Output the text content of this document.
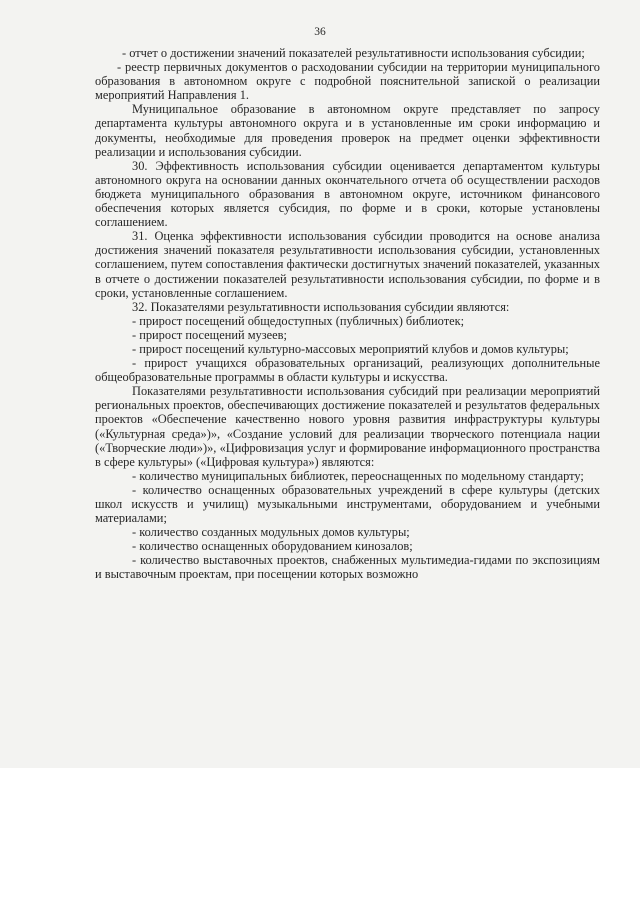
36

- отчет о достижении значений показателей результативности использования субсидии;

- реестр первичных документов о расходовании субсидии на территории муниципального образования в автономном округе с подробной пояснительной запиской о реализации мероприятий Направления 1.

Муниципальное образование в автономном округе представляет по запросу департамента культуры автономного округа и в установленные им сроки информацию и документы, необходимые для проведения проверок на предмет оценки эффективности реализации и использования субсидии.

30. Эффективность использования субсидии оценивается департаментом культуры автономного округа на основании данных окончательного отчета об осуществлении расходов бюджета муниципального образования в автономном округе, источником финансового обеспечения которых является субсидия, по форме и в сроки, которые установлены соглашением.

31. Оценка эффективности использования субсидии проводится на основе анализа достижения значений показателя результативности использования субсидии, установленных соглашением, путем сопоставления фактически достигнутых значений показателей, указанных в отчете о достижении показателей результативности использования субсидии, по форме и в сроки, установленные соглашением.

32. Показателями результативности использования субсидии являются:

- прирост посещений общедоступных (публичных) библиотек;

- прирост посещений музеев;

- прирост посещений культурно-массовых мероприятий клубов и домов культуры;

- прирост учащихся образовательных организаций, реализующих дополнительные общеобразовательные программы в области культуры и искусства.

Показателями результативности использования субсидий при реализации мероприятий региональных проектов, обеспечивающих достижение показателей и результатов федеральных проектов «Обеспечение качественно нового уровня развития инфраструктуры культуры («Культурная среда»)», «Создание условий для реализации творческого потенциала нации («Творческие люди»)», «Цифровизация услуг и формирование информационного пространства в сфере культуры» («Цифровая культура») являются:

- количество муниципальных библиотек, переоснащенных по модельному стандарту;

- количество оснащенных образовательных учреждений в сфере культуры (детских школ искусств и училищ) музыкальными инструментами, оборудованием и учебными материалами;

- количество созданных модульных домов культуры;

- количество оснащенных оборудованием кинозалов;

- количество выставочных проектов, снабженных мультимедиа-гидами по экспозициям и выставочным проектам, при посещении которых возможно
